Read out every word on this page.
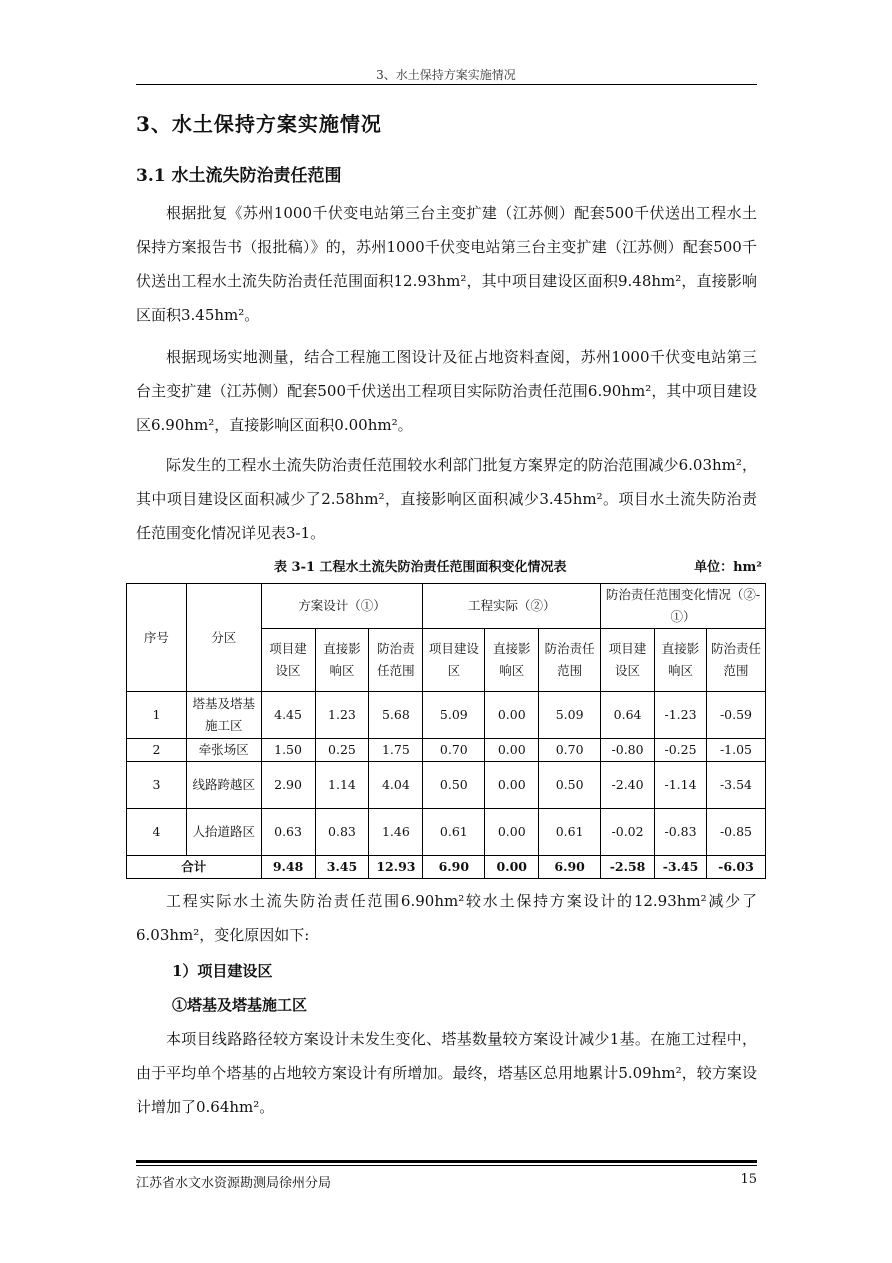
3、水土保持方案实施情况
3、水土保持方案实施情况
3.1 水土流失防治责任范围

根据批复《苏州1000千伏变电站第三台主变扩建（江苏侧）配套500千伏送出工程水土保持方案报告书（报批稿）》的，苏州1000千伏变电站第三台主变扩建（江苏侧）配套500千伏送出工程水土流失防治责任范围面积12.93hm²，其中项目建设区面积9.48hm²，直接影响区面积3.45hm²。

根据现场实地测量，结合工程施工图设计及征占地资料查阅，苏州1000千伏变电站第三台主变扩建（江苏侧）配套500千伏送出工程项目实际防治责任范围6.90hm²，其中项目建设区6.90hm²，直接影响区面积0.00hm²。

际发生的工程水土流失防治责任范围较水利部门批复方案界定的防治范围减少6.03hm²，其中项目建设区面积减少了2.58hm²，直接影响区面积减少3.45hm²。项目水土流失防治责任范围变化情况详见表3-1。

表 3-1 工程水土流失防治责任范围面积变化情况表	单位：hm²
序号	分区	方案设计（①）			工程实际（②）			防治责任范围变化情况（②-①）		
		项目建设区	直接影响区	防治责任范围	项目建设区	直接影响区	防治责任范围	项目建设区	直接影响区	防治责任范围
1	塔基及塔基施工区	4.45	1.23	5.68	5.09	0.00	5.09	0.64	-1.23	-0.59
2	牵张场区	1.50	0.25	1.75	0.70	0.00	0.70	-0.80	-0.25	-1.05
3	线路跨越区	2.90	1.14	4.04	0.50	0.00	0.50	-2.40	-1.14	-3.54
4	人抬道路区	0.63	0.83	1.46	0.61	0.00	0.61	-0.02	-0.83	-0.85
合计		9.48	3.45	12.93	6.90	0.00	6.90	-2.58	-3.45	-6.03

工程实际水土流失防治责任范围6.90hm²较水土保持方案设计的12.93hm²减少了6.03hm²，变化原因如下:

1）项目建设区
①塔基及塔基施工区

本项目线路路径较方案设计未发生变化、塔基数量较方案设计减少1基。在施工过程中，由于平均单个塔基的占地较方案设计有所增加。最终，塔基区总用地累计5.09hm²，较方案设计增加了0.64hm²。

江苏省水文水资源勘测局徐州分局	15
